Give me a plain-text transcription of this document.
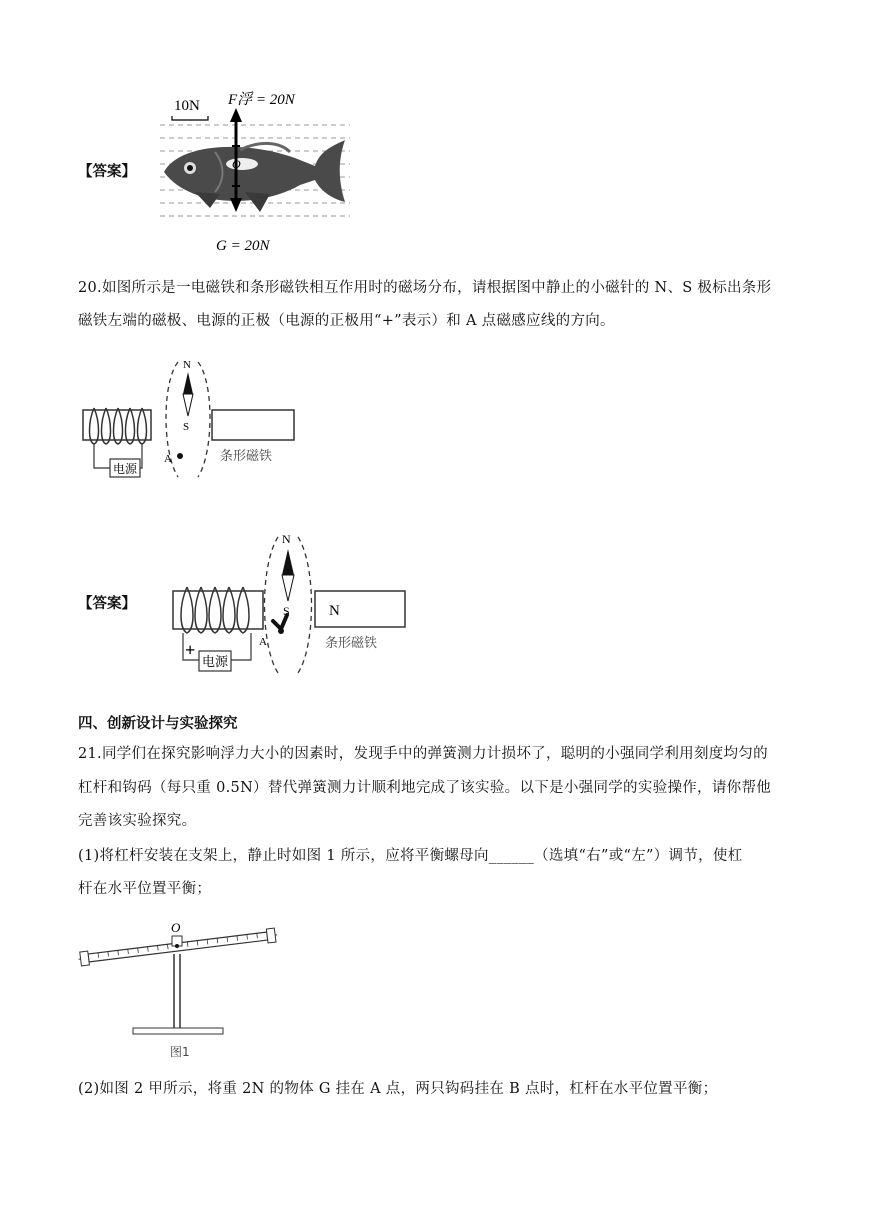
【答案】
10N
O
F浮 = 20N
G = 20N
20.如图所示是一电磁铁和条形磁铁相互作用时的磁场分布，请根据图中静止的小磁针的 N、S 极标出条形
磁铁左端的磁极、电源的正极（电源的正极用“+”表示）和 A 点磁感应线的方向。
电源
N
S
A	条形磁铁
【答案】
电源
+
N
S
A
N
条形磁铁
四、创新设计与实验探究
21.同学们在探究影响浮力大小的因素时，发现手中的弹簧测力计损坏了，聪明的小强同学利用刻度均匀的
杠杆和钩码（每只重 0.5N）替代弹簧测力计顺利地完成了该实验。以下是小强同学的实验操作，请你帮他
完善该实验探究。
(1)将杠杆安装在支架上，静止时如图 1 所示，应将平衡螺母向______（选填“右”或“左”）调节，使杠
杆在水平位置平衡；
O
图1
(2)如图 2 甲所示，将重 2N 的物体 G 挂在 A 点，两只钩码挂在 B 点时，杠杆在水平位置平衡；
